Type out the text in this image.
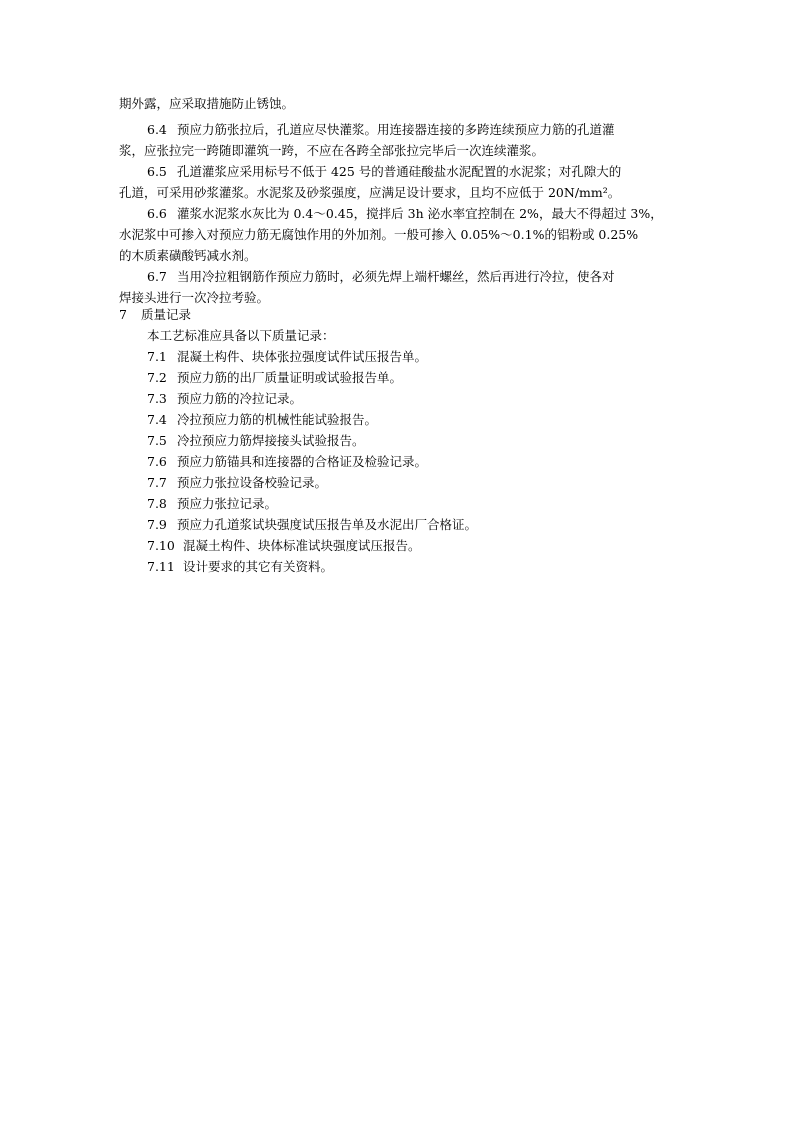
期外露，应采取措施防止锈蚀。
6.4 预应力筋张拉后，孔道应尽快灌浆。用连接器连接的多跨连续预应力筋的孔道灌
浆，应张拉完一跨随即灌筑一跨，不应在各跨全部张拉完毕后一次连续灌浆。
6.5 孔道灌浆应采用标号不低于 425 号的普通硅酸盐水泥配置的水泥浆；对孔隙大的
孔道，可采用砂浆灌浆。水泥浆及砂浆强度，应满足设计要求，且均不应低于 20N/mm²。
6.6 灌浆水泥浆水灰比为 0.4～0.45，搅拌后 3h 泌水率宜控制在 2%，最大不得超过 3%，
水泥浆中可掺入对预应力筋无腐蚀作用的外加剂。一般可掺入 0.05%～0.1%的铝粉或 0.25%
的木质素磺酸钙减水剂。
6.7 当用冷拉粗钢筋作预应力筋时，必须先焊上端杆螺丝，然后再进行冷拉，使各对
焊接头进行一次冷拉考验。
7 质量记录
本工艺标准应具备以下质量记录：
7.1 混凝土构件、块体张拉强度试件试压报告单。
7.2 预应力筋的出厂质量证明或试验报告单。
7.3 预应力筋的冷拉记录。
7.4 冷拉预应力筋的机械性能试验报告。
7.5 冷拉预应力筋焊接接头试验报告。
7.6 预应力筋锚具和连接器的合格证及检验记录。
7.7 预应力张拉设备校验记录。
7.8 预应力张拉记录。
7.9 预应力孔道浆试块强度试压报告单及水泥出厂合格证。
7.10 混凝土构件、块体标准试块强度试压报告。
7.11 设计要求的其它有关资料。
